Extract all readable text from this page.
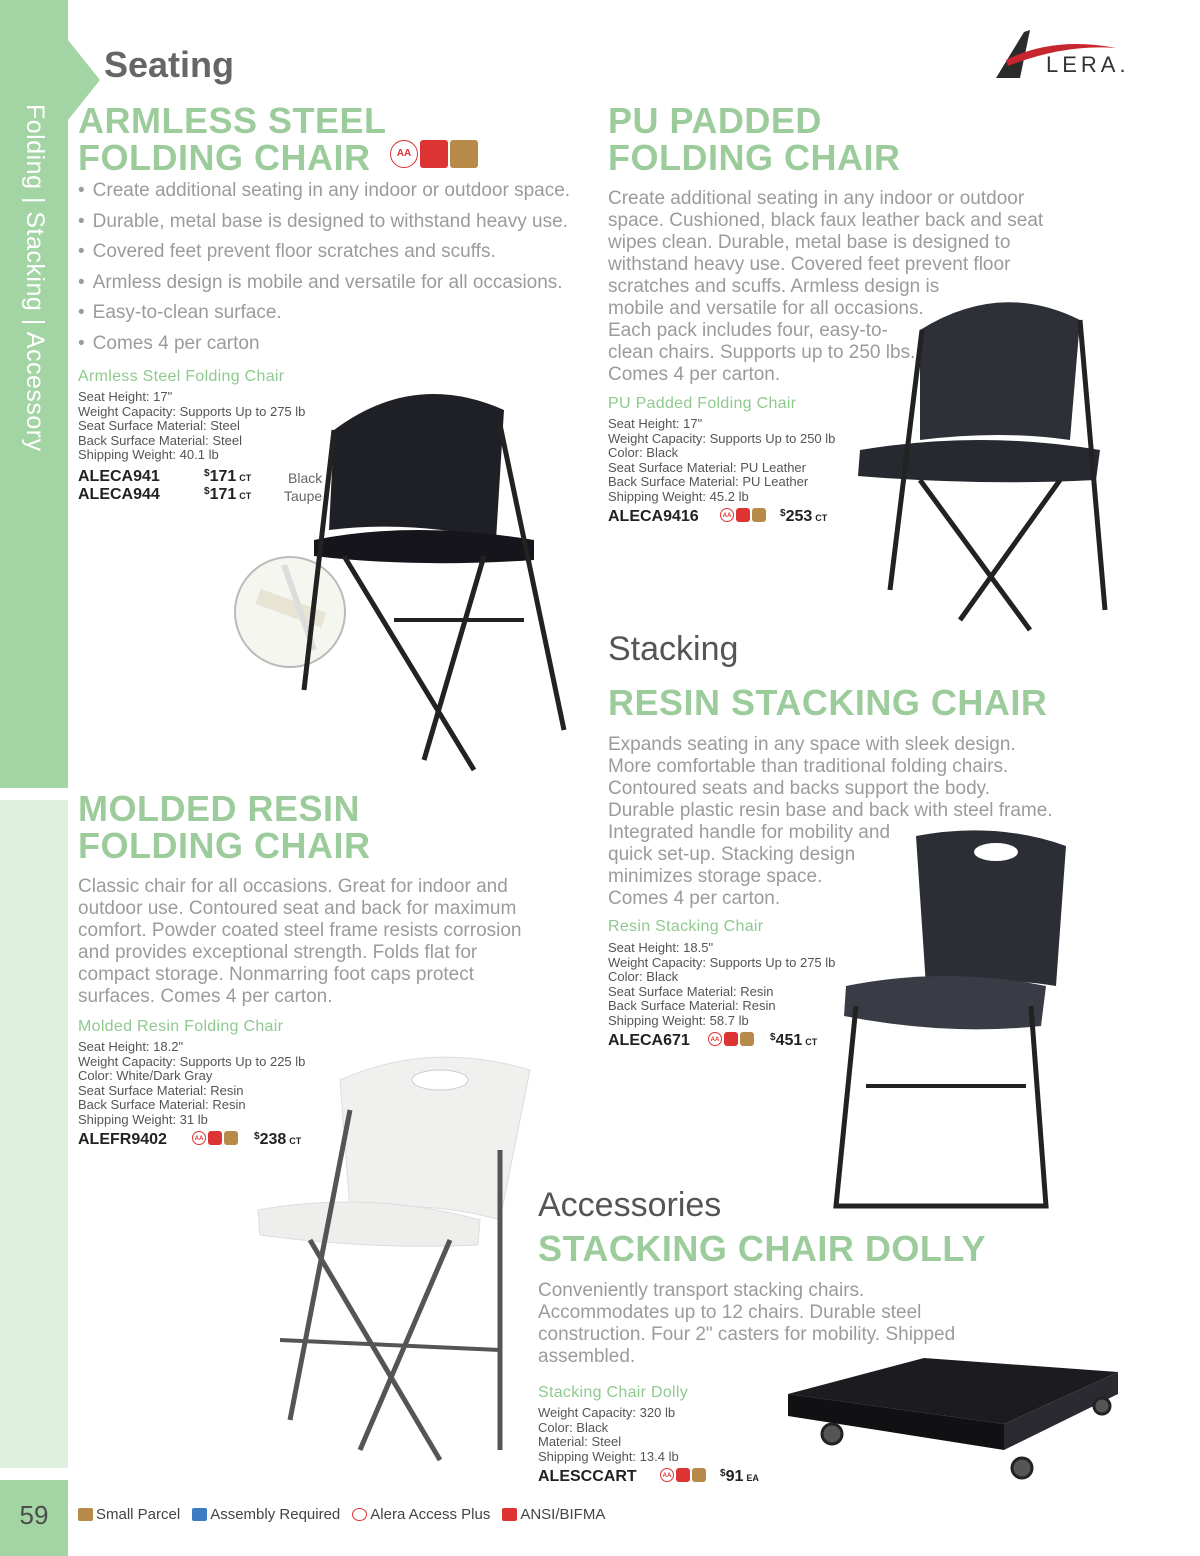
Folding | Stacking | Accessory
59
Seating	LERA.
ARMLESS STEEL
FOLDING CHAIR	AA
• Create additional seating in any indoor or outdoor space.
• Durable, metal base is designed to withstand heavy use.
• Covered feet prevent floor scratches and scuffs.
• Armless design is mobile and versatile for all occasions.
• Easy-to-clean surface.
• Comes 4 per carton
Armless Steel Folding Chair
Seat Height: 17"
Weight Capacity: Supports Up to 275 lb
Seat Surface Material: Steel
Back Surface Material: Steel
Shipping Weight: 40.1 lb
ALECA941	$171 CT	Black
ALECA944	$171 CT Taupe
PU PADDED
FOLDING CHAIR
Create additional seating in any indoor or outdoor
space. Cushioned, black faux leather back and seat
wipes clean. Durable, metal base is designed to
withstand heavy use. Covered feet prevent floor
scratches and scuffs. Armless design is
mobile and versatile for all occasions.
Each pack includes four, easy-to-
clean chairs. Supports up to 250 lbs.
Comes 4 per carton.
PU Padded Folding Chair
Seat Height: 17"
Weight Capacity: Supports Up to 250 lb
Color: Black
Seat Surface Material: PU Leather
Back Surface Material: PU Leather
Shipping Weight: 45.2 lb
ALECA9416	AA	$253 CT
Stacking
RESIN STACKING CHAIR
Expands seating in any space with sleek design.
More comfortable than traditional folding chairs.
Contoured seats and backs support the body.
Durable plastic resin base and back with steel frame.
Integrated handle for mobility and
quick set-up. Stacking design
minimizes storage space.
Comes 4 per carton.
Resin Stacking Chair
Seat Height: 18.5"
Weight Capacity: Supports Up to 275 lb
Color: Black
Seat Surface Material: Resin
Back Surface Material: Resin
Shipping Weight: 58.7 lb
ALECA671	AA	$451 CT
MOLDED RESIN
FOLDING CHAIR
Classic chair for all occasions. Great for indoor and
outdoor use. Contoured seat and back for maximum
comfort. Powder coated steel frame resists corrosion
and provides exceptional strength. Folds flat for
compact storage. Nonmarring foot caps protect
surfaces. Comes 4 per carton.
Molded Resin Folding Chair
Seat Height: 18.2"
Weight Capacity: Supports Up to 225 lb
Color: White/Dark Gray
Seat Surface Material: Resin
Back Surface Material: Resin
Shipping Weight: 31 lb
ALEFR9402	AA	$238 CT
Accessories
STACKING CHAIR DOLLY
Conveniently transport stacking chairs.
Accommodates up to 12 chairs. Durable steel
construction. Four 2" casters for mobility. Shipped
assembled.
Stacking Chair Dolly
Weight Capacity: 320 lb
Color: Black
Material: Steel
Shipping Weight: 13.4 lb
ALESCCART	AA	$91 EA
Small Parcel Assembly Required Alera Access Plus ANSI/BIFMA
